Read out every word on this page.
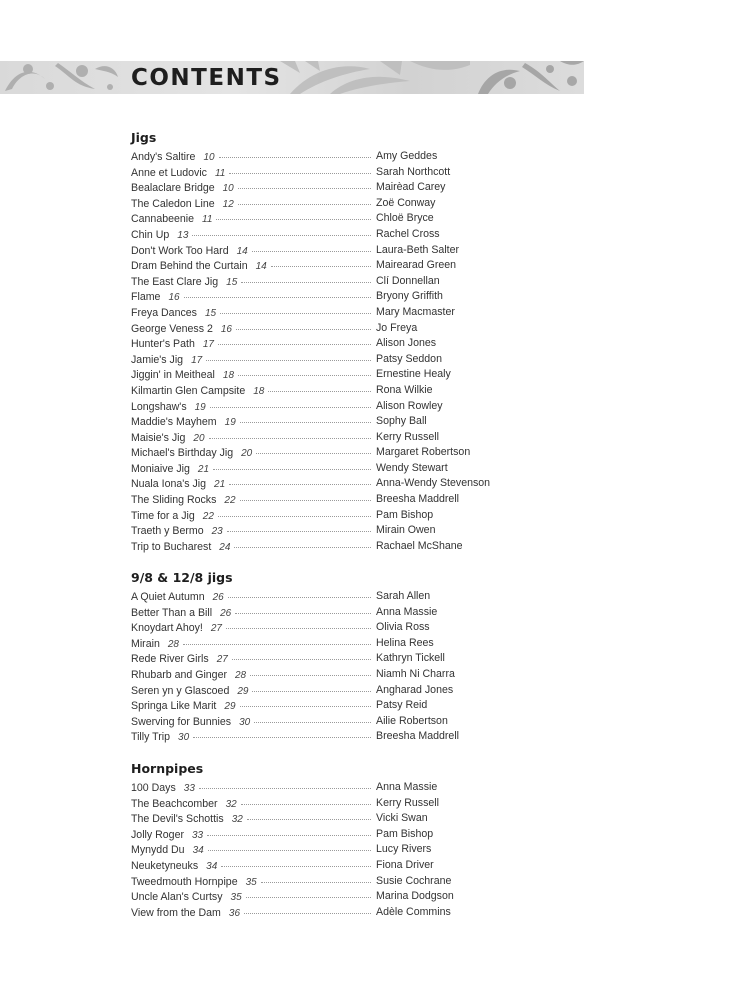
CONTENTS
Jigs
Andy's Saltire 10	Amy Geddes
Anne et Ludovic 11	Sarah Northcott
Bealaclare Bridge 10	Mairèad Carey
The Caledon Line 12	Zoë Conway
Cannabeenie 11	Chloë Bryce
Chin Up 13	Rachel Cross
Don't Work Too Hard 14	Laura-Beth Salter
Dram Behind the Curtain 14	Mairearad Green
The East Clare Jig 15	Clí Donnellan
Flame 16	Bryony Griffith
Freya Dances 15	Mary Macmaster
George Veness 2 16	Jo Freya
Hunter's Path 17	Alison Jones
Jamie's Jig 17	Patsy Seddon
Jiggin' in Meitheal 18	Ernestine Healy
Kilmartin Glen Campsite 18	Rona Wilkie
Longshaw's 19	Alison Rowley
Maddie's Mayhem 19	Sophy Ball
Maisie's Jig 20	Kerry Russell
Michael's Birthday Jig 20	Margaret Robertson
Moniaive Jig 21	Wendy Stewart
Nuala Iona's Jig 21	Anna-Wendy Stevenson
The Sliding Rocks 22	Breesha Maddrell
Time for a Jig 22	Pam Bishop
Traeth y Bermo 23	Mirain Owen
Trip to Bucharest 24	Rachael McShane
9/8 & 12/8 jigs
A Quiet Autumn 26	Sarah Allen
Better Than a Bill 26	Anna Massie
Knoydart Ahoy! 27	Olivia Ross
Mirain 28	Helina Rees
Rede River Girls 27	Kathryn Tickell
Rhubarb and Ginger 28	Niamh Ni Charra
Seren yn y Glascoed 29	Angharad Jones
Springa Like Marit 29	Patsy Reid
Swerving for Bunnies 30	Ailie Robertson
Tilly Trip 30	Breesha Maddrell
Hornpipes
100 Days 33	Anna Massie
The Beachcomber 32	Kerry Russell
The Devil's Schottis 32	Vicki Swan
Jolly Roger 33	Pam Bishop
Mynydd Du 34	Lucy Rivers
Neuketyneuks 34	Fiona Driver
Tweedmouth Hornpipe 35	Susie Cochrane
Uncle Alan's Curtsy 35	Marina Dodgson
View from the Dam 36	Adèle Commins
